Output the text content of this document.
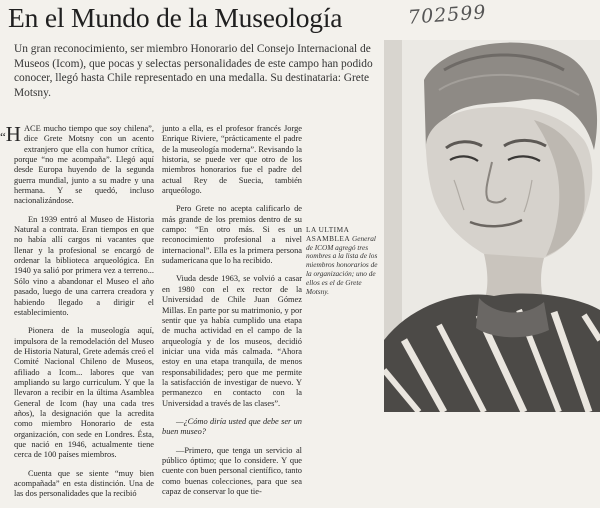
En el Mundo de la Museología	702599

Un gran reconocimiento, ser miembro Honorario del Consejo Internacional de Museos (Icom), que pocas y selectas personalidades de este campo han podido conocer, llegó hasta Chile representado en una medalla. Su destinataria: Grete Motsny.

“H ACE mucho tiempo que soy chilena”, dice Grete Motsny con un acento extranjero que ella con humor crítica, porque “no me acompaña”. Llegó aquí desde Europa huyendo de la segunda guerra mundial, junto a su madre y una hermana. Y se quedó, incluso nacionalizándose.

En 1939 entró al Museo de Historia Natural a contrata. Eran tiempos en que no había allí cargos ni vacantes que llenar y la profesional se encargó de ordenar la biblioteca arqueológica. En 1940 ya salió por primera vez a terreno... Sólo vino a abandonar el Museo el año pasado, luego de una carrera creadora y habiendo llegado a dirigir el establecimiento.

Pionera de la museología aquí, impulsora de la remodelación del Museo de Historia Natural, Grete además creó el Comité Nacional Chileno de Museos, afiliado a Icom... labores que van ampliando su largo curriculum. Y que la llevaron a recibir en la última Asamblea General de Icom (hay una cada tres años), la designación que la acredita como miembro Honorario de esta organización, con sede en Londres. Ésta, que nació en 1946, actualmente tiene cerca de 100 países miembros.

Cuenta que se siente “muy bien acompañada” en esta distinción. Una de las dos personalidades que la recibió

junto a ella, es el profesor francés Jorge Enrique Riviere, “prácticamente el padre de la museología moderna”. Revisando la historia, se puede ver que otro de los miembros honorarios fue el padre del actual Rey de Suecia, también arqueólogo.

Pero Grete no acepta calificarlo de más grande de los premios dentro de su campo: “En otro más. Si es un reconocimiento profesional a nivel internacional”. Ella es la primera persona sudamericana que lo ha recibido.

Viuda desde 1963, se volvió a casar en 1980 con el ex rector de la Universidad de Chile Juan Gómez Millas. En parte por su matrimonio, y por sentir que ya había cumplido una etapa de mucha actividad en el campo de la arqueología y de los museos, decidió iniciar una vida más calmada. “Ahora estoy en una etapa tranquila, de menos responsabilidades; pero que me permite la satisfacción de investigar de nuevo. Y permanezco en contacto con la Universidad a través de las clases”.

—¿Cómo diría usted que debe ser un buen museo?

—Primero, que tenga un servicio al público óptimo; que lo considere. Y que cuente con buen personal científico, tanto como buenas colecciones, para que sea capaz de conservar lo que tie-

LA ULTIMA ASAMBLEA General de ICOM agregó tres nombres a la lista de los miembros honorarios de la organización; uno de ellos es el de Grete Motsny.
